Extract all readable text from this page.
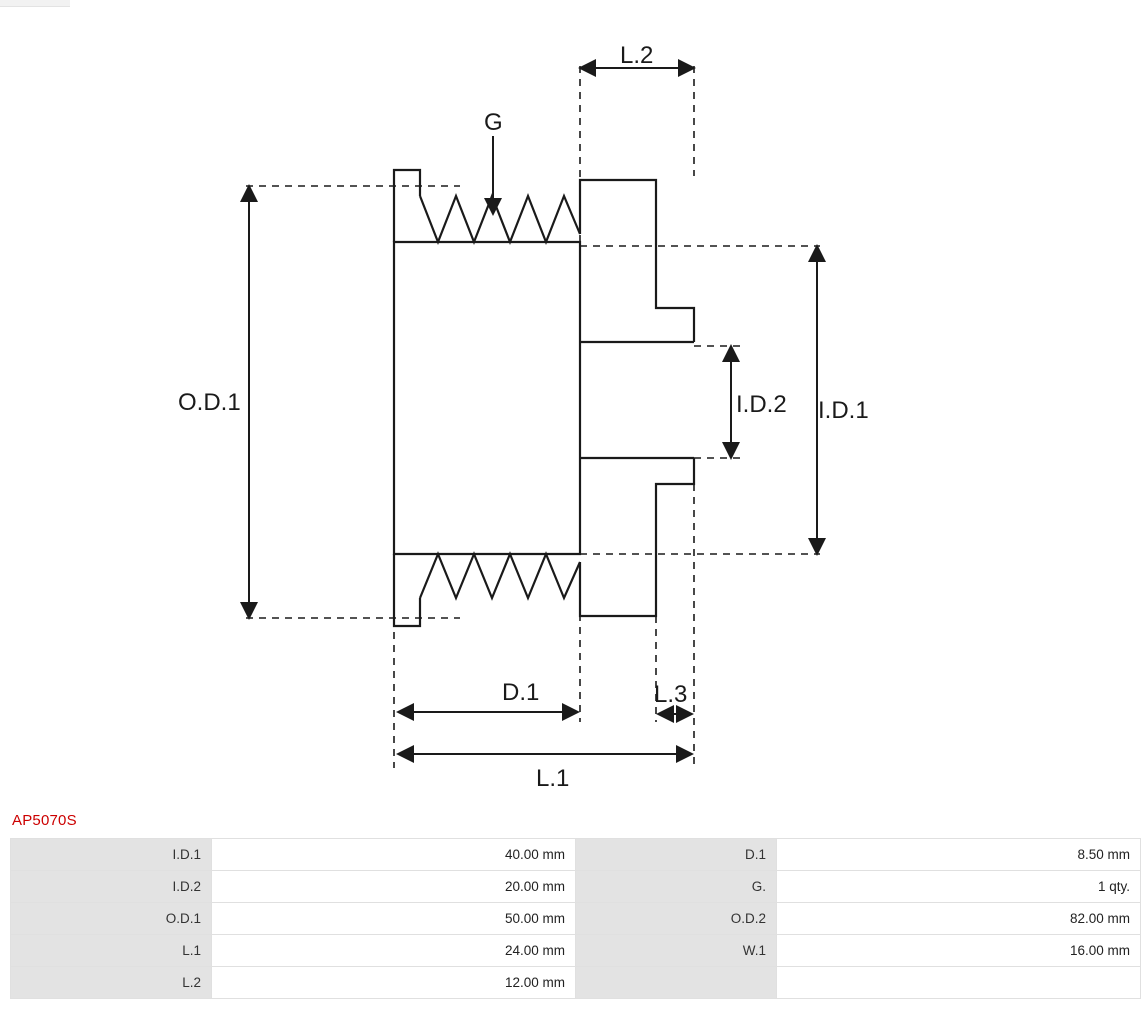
O.D.1	I.D.1
I.D.2
G
D.1
L.1
L.2
L.3
AP5070S
I.D.1	40.00 mm	D.1	8.50 mm
I.D.2	20.00 mm	G.	1 qty.
O.D.1	50.00 mm	O.D.2	82.00 mm
L.1	24.00 mm	W.1	16.00 mm
L.2	12.00 mm		
